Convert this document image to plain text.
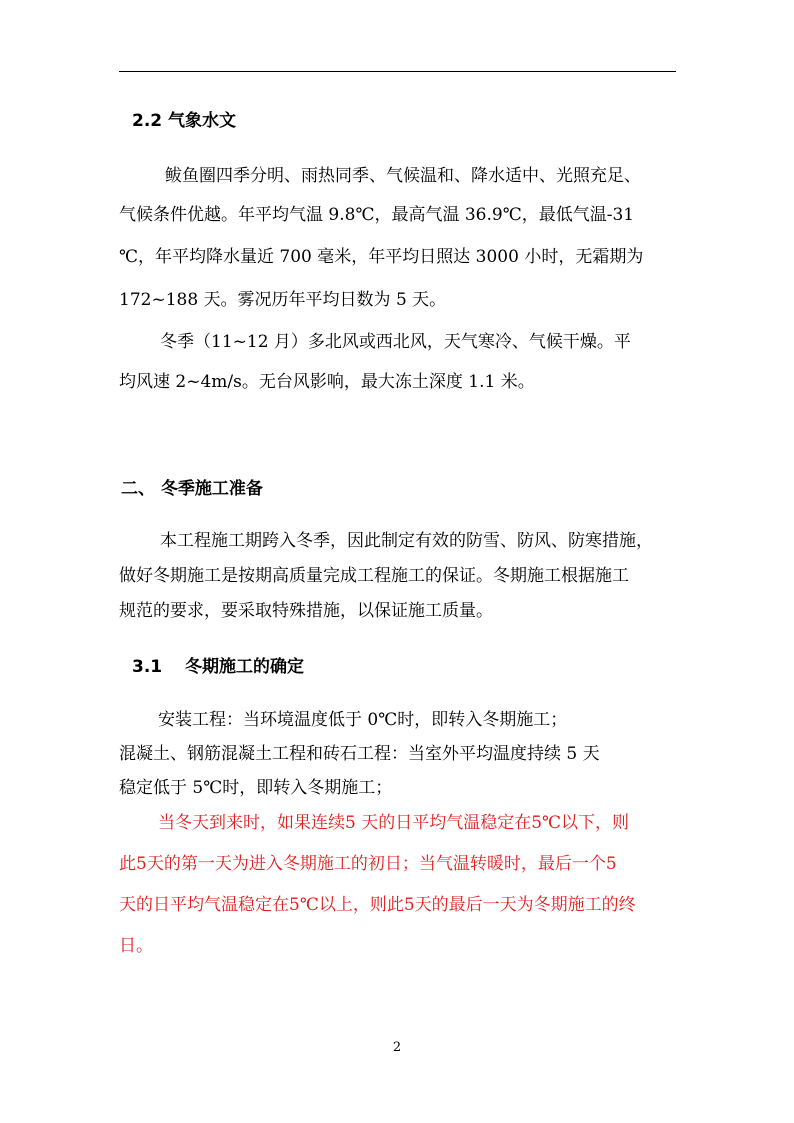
2.2 气象水文
鲅鱼圈四季分明、雨热同季、气候温和、降水适中、光照充足、
气候条件优越。年平均气温 9.8℃，最高气温 36.9℃，最低气温-31
℃，年平均降水量近 700 毫米，年平均日照达 3000 小时，无霜期为
172~188 天。雾况历年平均日数为 5 天。
冬季（11~12 月）多北风或西北风，天气寒冷、气候干燥。平
均风速 2~4m/s。无台风影响，最大冻土深度 1.1 米。
二、 冬季施工准备
本工程施工期跨入冬季，因此制定有效的防雪、防风、防寒措施，
做好冬期施工是按期高质量完成工程施工的保证。冬期施工根据施工
规范的要求，要采取特殊措施，以保证施工质量。
3.1　 冬期施工的确定
安装工程：当环境温度低于 0℃时，即转入冬期施工；
混凝土、钢筋混凝土工程和砖石工程：当室外平均温度持续 5 天
稳定低于 5℃时，即转入冬期施工；
当冬天到来时，如果连续5 天的日平均气温稳定在5℃以下，则
此5天的第一天为进入冬期施工的初日；当气温转暖时，最后一个5
天的日平均气温稳定在5℃以上，则此5天的最后一天为冬期施工的终
日。
2
